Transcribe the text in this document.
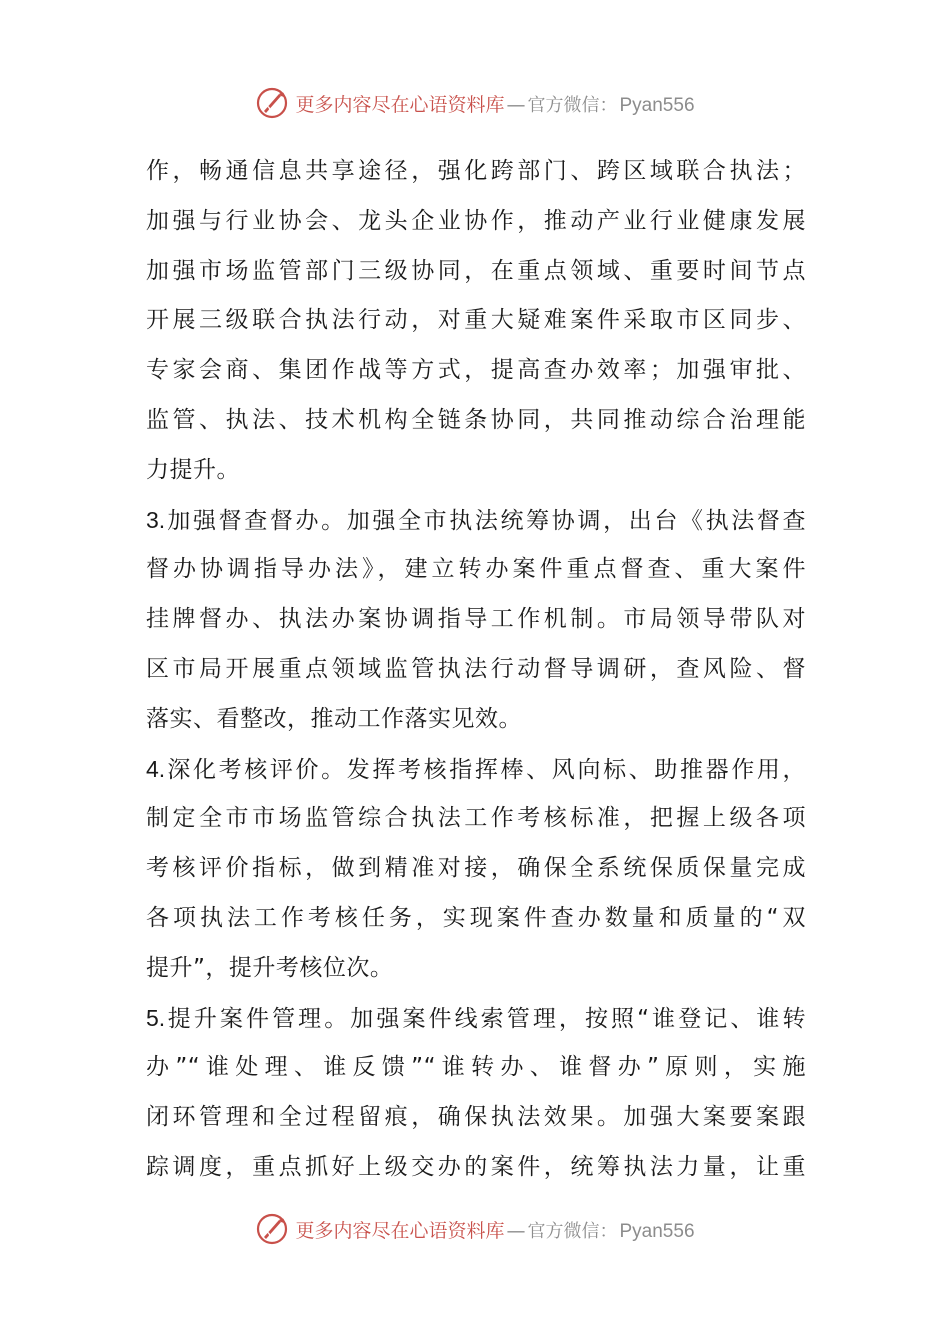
更多内容尽在心语资料库 — 官方微信： Pyan556
作，畅通信息共享途径，强化跨部门、跨区域联合执法；
加强与行业协会、龙头企业协作，推动产业行业健康发展
加强市场监管部门三级协同，在重点领域、重要时间节点
开展三级联合执法行动，对重大疑难案件采取市区同步、
专家会商、集团作战等方式，提高查办效率；加强审批、
监管、执法、技术机构全链条协同，共同推动综合治理能
力提升。
3.加强督查督办。加强全市执法统筹协调，出台《执法督查
督办协调指导办法》，建立转办案件重点督查、重大案件
挂牌督办、执法办案协调指导工作机制。市局领导带队对
区市局开展重点领域监管执法行动督导调研，查风险、督
落实、看整改，推动工作落实见效。
4.深化考核评价。发挥考核指挥棒、风向标、助推器作用，
制定全市市场监管综合执法工作考核标准，把握上级各项
考核评价指标，做到精准对接，确保全系统保质保量完成
各项执法工作考核任务，实现案件查办数量和质量的“双
提升”，提升考核位次。
5.提升案件管理。加强案件线索管理，按照“谁登记、谁转
办”“谁处理、谁反馈”“谁转办、谁督办”原则，实施
闭环管理和全过程留痕，确保执法效果。加强大案要案跟
踪调度，重点抓好上级交办的案件，统筹执法力量，让重
更多内容尽在心语资料库 — 官方微信： Pyan556
